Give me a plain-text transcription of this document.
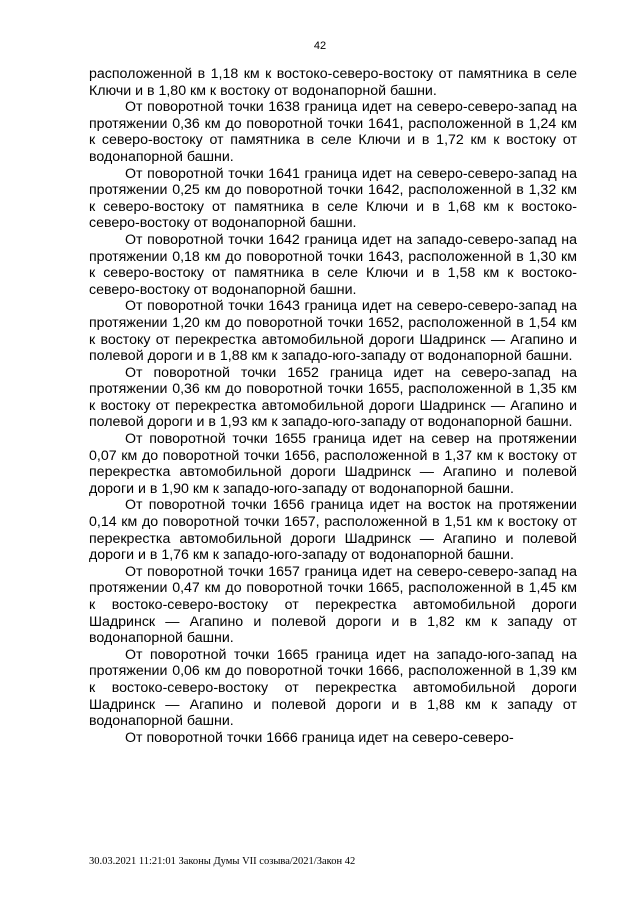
42

расположенной в 1,18 км к востоко-северо-востоку от памятника в селе Ключи и в 1,80 км к востоку от водонапорной башни.

От поворотной точки 1638 граница идет на северо-северо-запад на протяжении 0,36 км до поворотной точки 1641, расположенной в 1,24 км к северо-востоку от памятника в селе Ключи и в 1,72 км к востоку от водонапорной башни.

От поворотной точки 1641 граница идет на северо-северо-запад на протяжении 0,25 км до поворотной точки 1642, расположенной в 1,32 км к северо-востоку от памятника в селе Ключи и в 1,68 км к востоко-северо-востоку от водонапорной башни.

От поворотной точки 1642 граница идет на западо-северо-запад на протяжении 0,18 км до поворотной точки 1643, расположенной в 1,30 км к северо-востоку от памятника в селе Ключи и в 1,58 км к востоко-северо-востоку от водонапорной башни.

От поворотной точки 1643 граница идет на северо-северо-запад на протяжении 1,20 км до поворотной точки 1652, расположенной в 1,54 км к востоку от перекрестка автомобильной дороги Шадринск — Агапино и полевой дороги и в 1,88 км к западо-юго-западу от водонапорной башни.

От поворотной точки 1652 граница идет на северо-запад на протяжении 0,36 км до поворотной точки 1655, расположенной в 1,35 км к востоку от перекрестка автомобильной дороги Шадринск — Агапино и полевой дороги и в 1,93 км к западо-юго-западу от водонапорной башни.

От поворотной точки 1655 граница идет на север на протяжении 0,07 км до поворотной точки 1656, расположенной в 1,37 км к востоку от перекрестка автомобильной дороги Шадринск — Агапино и полевой дороги и в 1,90 км к западо-юго-западу от водонапорной башни.

От поворотной точки 1656 граница идет на восток на протяжении 0,14 км до поворотной точки 1657, расположенной в 1,51 км к востоку от перекрестка автомобильной дороги Шадринск — Агапино и полевой дороги и в 1,76 км к западо-юго-западу от водонапорной башни.

От поворотной точки 1657 граница идет на северо-северо-запад на протяжении 0,47 км до поворотной точки 1665, расположенной в 1,45 км к востоко-северо-востоку от перекрестка автомобильной дороги Шадринск — Агапино и полевой дороги и в 1,82 км к западу от водонапорной башни.

От поворотной точки 1665 граница идет на западо-юго-запад на протяжении 0,06 км до поворотной точки 1666, расположенной в 1,39 км к востоко-северо-востоку от перекрестка автомобильной дороги Шадринск — Агапино и полевой дороги и в 1,88 км к западу от водонапорной башни.

От поворотной точки 1666 граница идет на северо-северо-

30.03.2021 11:21:01 Законы Думы VII созыва/2021/Закон 42
